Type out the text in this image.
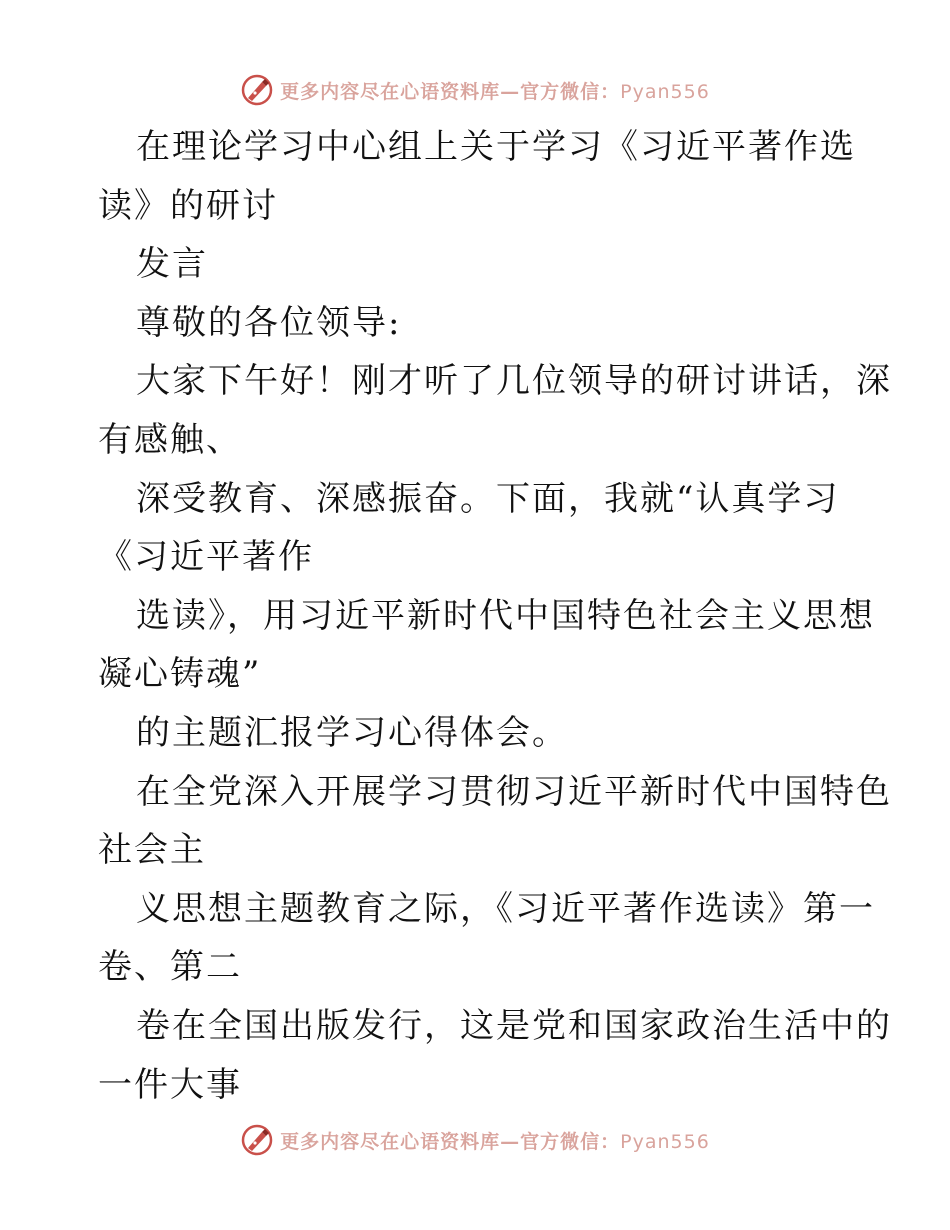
更多内容尽在心语资料库—官方微信：Pyan556
在理论学习中心组上关于学习《习近平著作选
读》的研讨
发言
尊敬的各位领导:
大家下午好！刚才听了几位领导的研讨讲话，深
有感触、
深受教育、深感振奋。下面，我就“认真学习
《习近平著作
选读》，用习近平新时代中国特色社会主义思想
凝心铸魂”
的主题汇报学习心得体会。
在全党深入开展学习贯彻习近平新时代中国特色
社会主
义思想主题教育之际，《习近平著作选读》第一
卷、第二
卷在全国出版发行，这是党和国家政治生活中的
一件大事
更多内容尽在心语资料库—官方微信：Pyan556
